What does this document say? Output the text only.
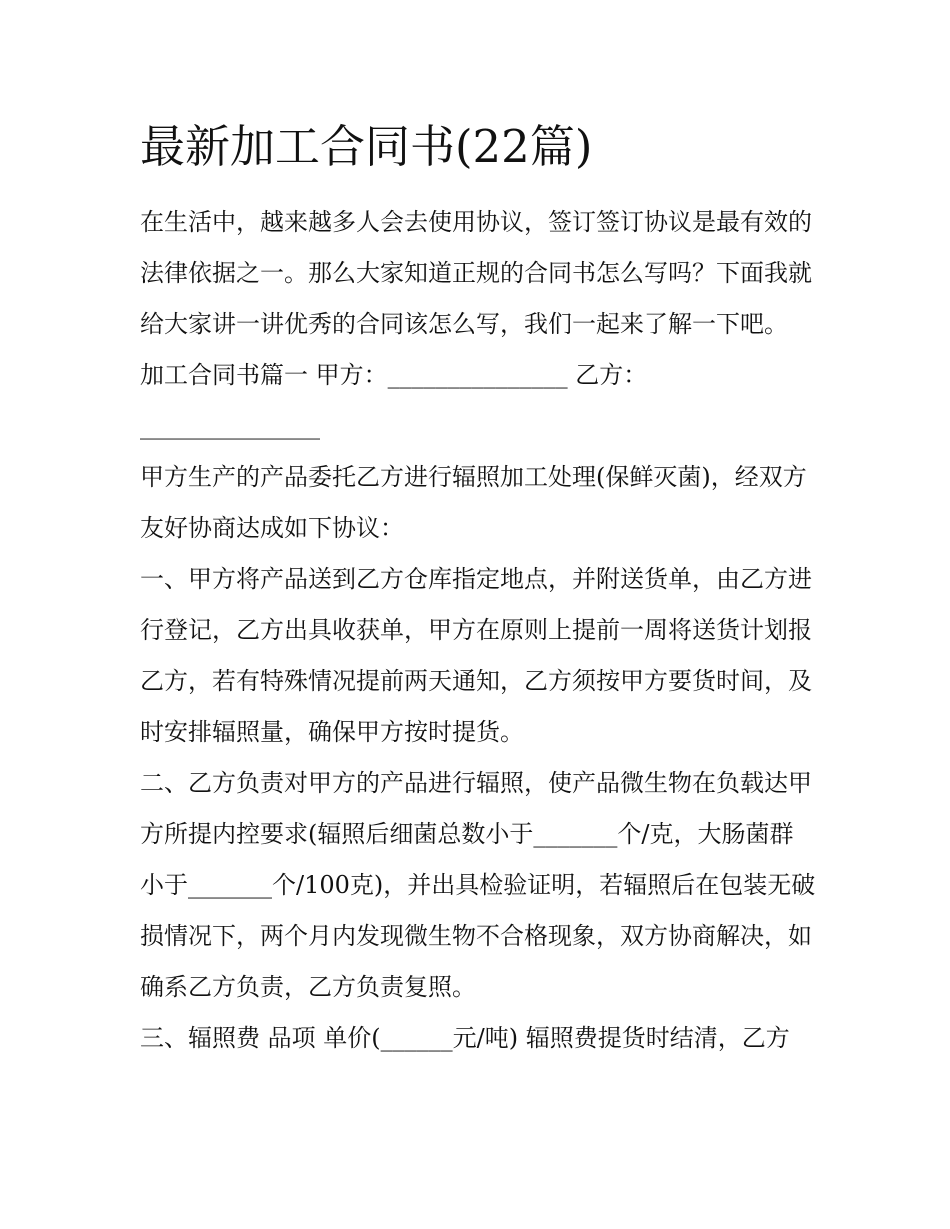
最新加工合同书(22篇)

在生活中，越来越多人会去使用协议，签订签订协议是最有效的法律依据之一。那么大家知道正规的合同书怎么写吗？下面我就给大家讲一讲优秀的合同该怎么写，我们一起来了解一下吧。

加工合同书篇一 甲方：_______________ 乙方：_______________

甲方生产的产品委托乙方进行辐照加工处理(保鲜灭菌)，经双方友好协商达成如下协议：

一、甲方将产品送到乙方仓库指定地点，并附送货单，由乙方进行登记，乙方出具收获单，甲方在原则上提前一周将送货计划报乙方，若有特殊情况提前两天通知，乙方须按甲方要货时间，及时安排辐照量，确保甲方按时提货。

二、乙方负责对甲方的产品进行辐照，使产品微生物在负载达甲方所提内控要求(辐照后细菌总数小于_______个/克，大肠菌群小于_______个/100克)，并出具检验证明，若辐照后在包装无破损情况下，两个月内发现微生物不合格现象，双方协商解决，如确系乙方负责，乙方负责复照。

三、辐照费 品项 单价(______元/吨) 辐照费提货时结清，乙方
